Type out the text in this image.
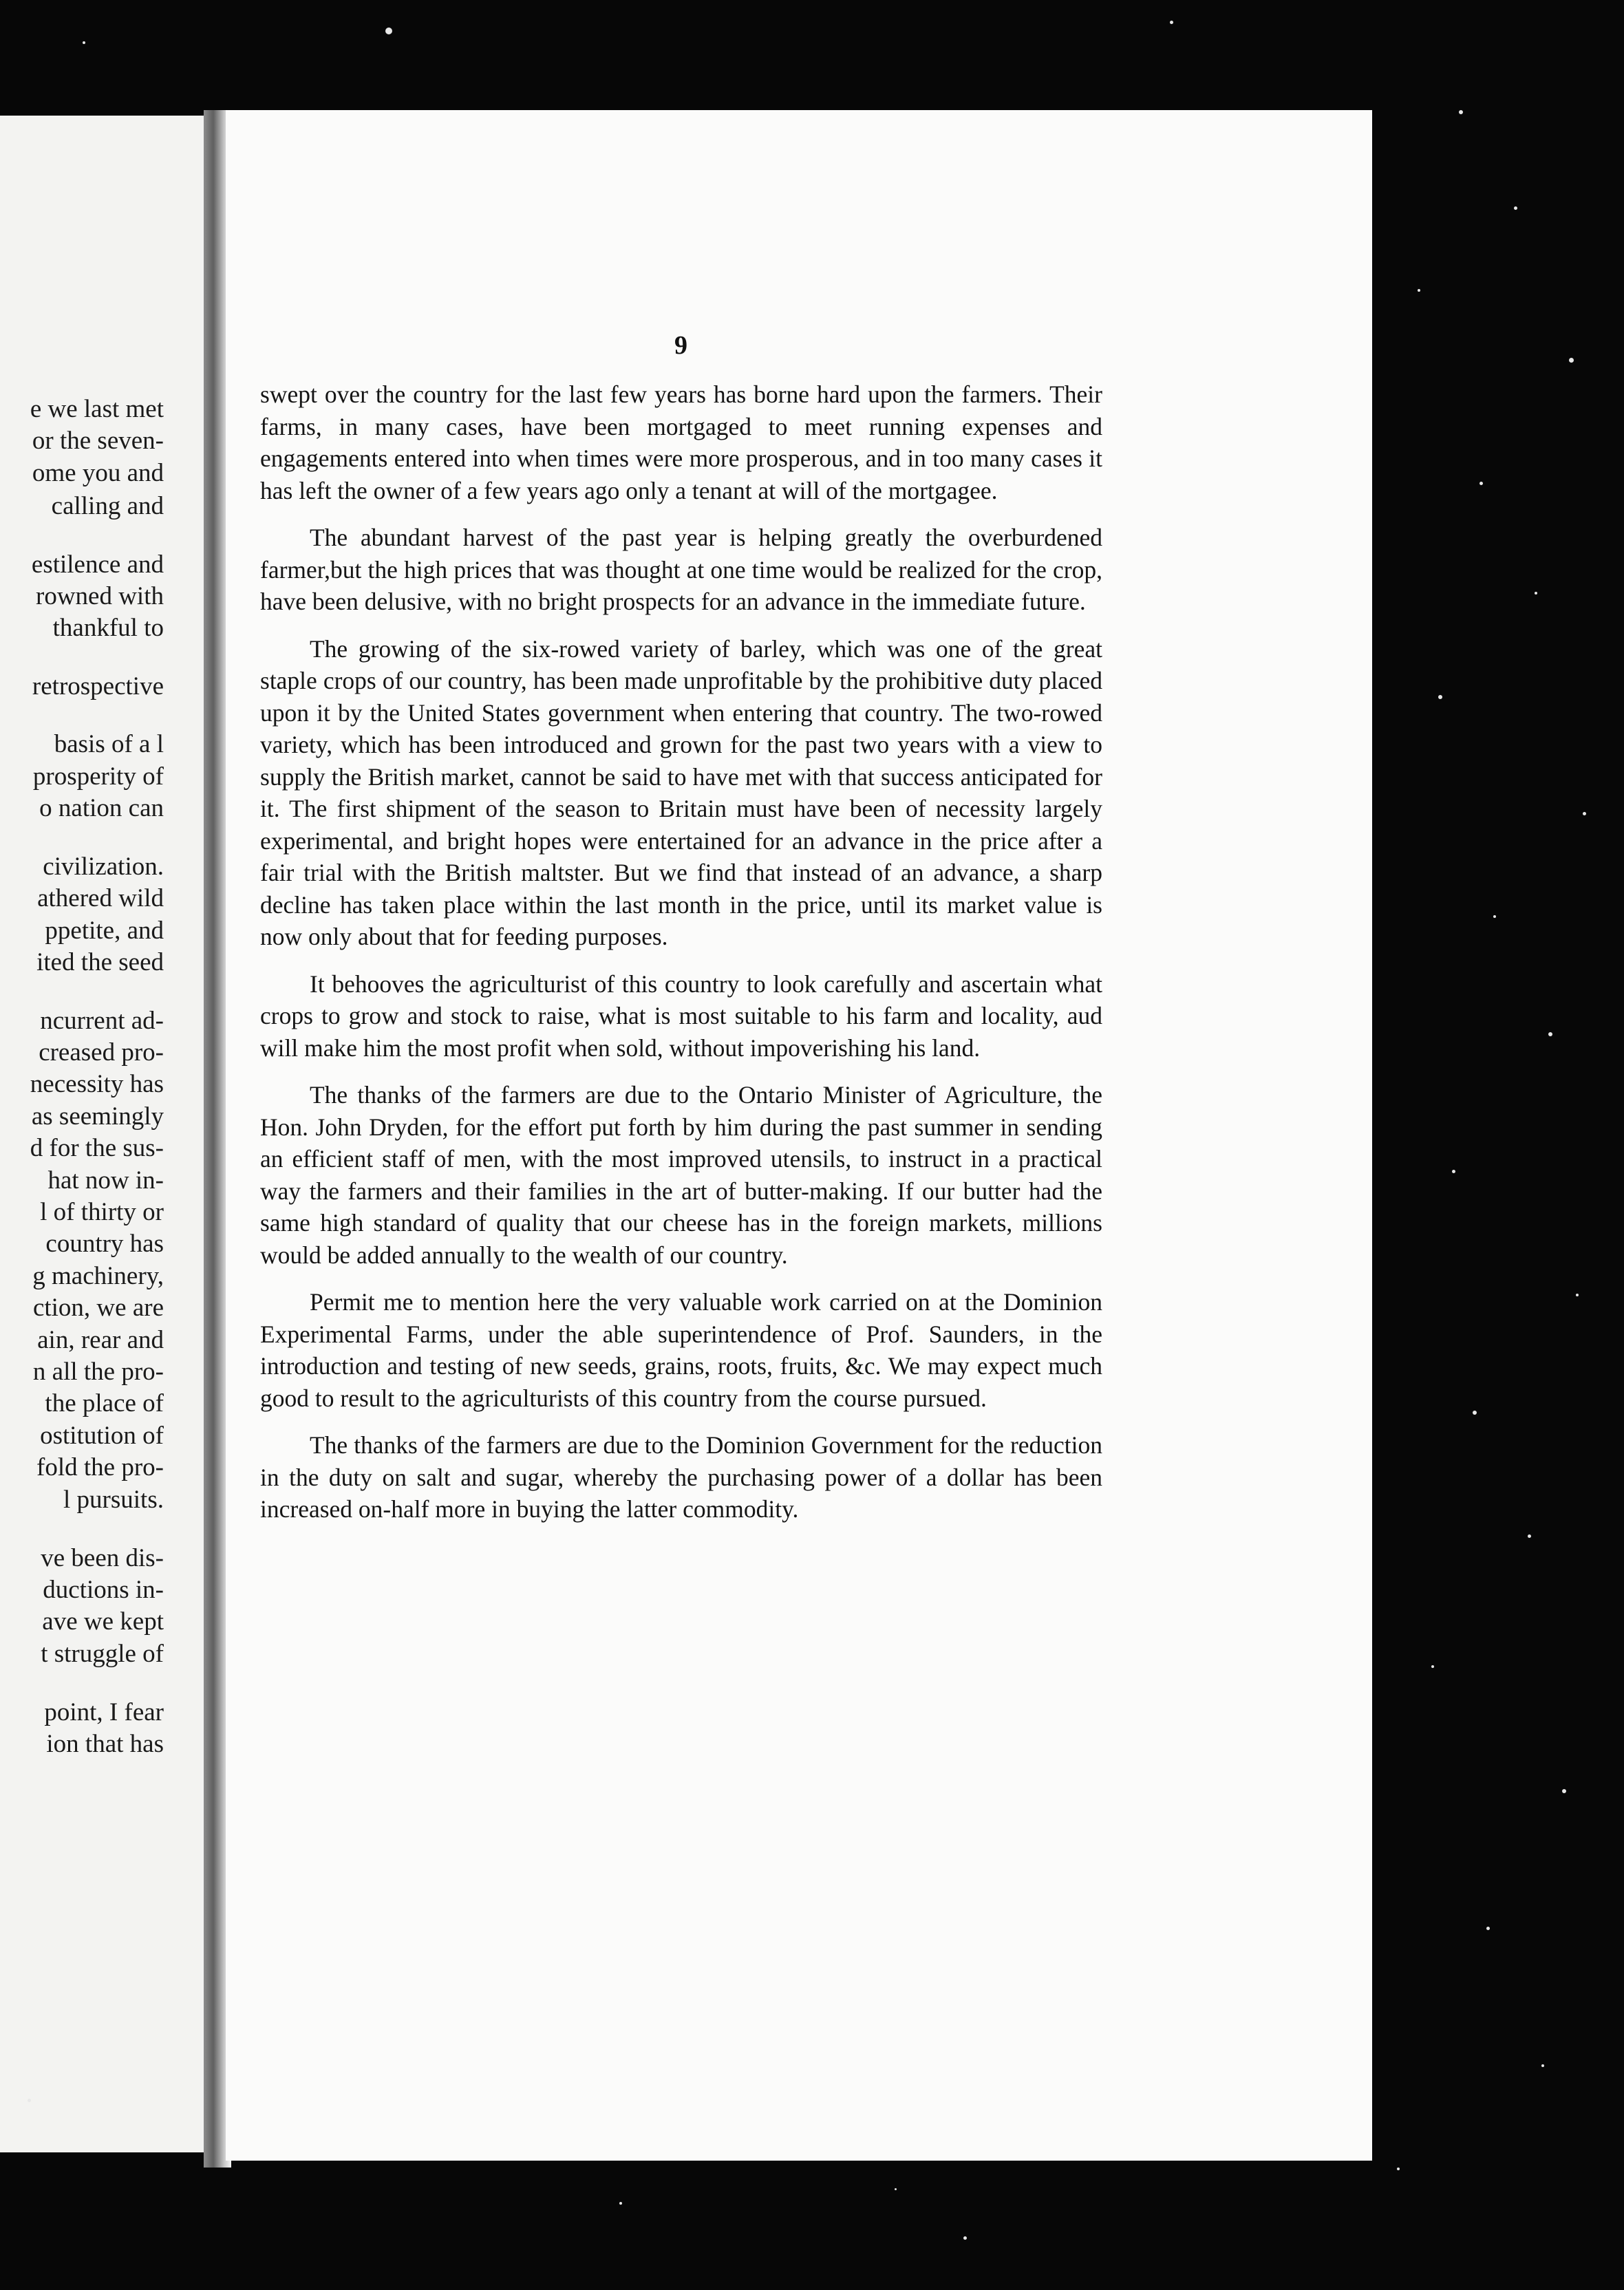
e we last met
or the seven-
ome you and
calling and
estilence and
rowned with
thankful to
retrospective
basis of a l
prosperity of
o nation can
civilization.
athered wild
ppetite, and
ited the seed
ncurrent ad-
creased pro-
necessity has
as seemingly
d for the sus-
hat now in-
l of thirty or
country has
g machinery,
ction, we are
ain, rear and
n all the pro-
the place of
ostitution of
fold the pro-
l pursuits.
ve been dis-
ductions in-
ave we kept
t struggle of
point, I fear
ion that has
9

swept over the country for the last few years has borne hard upon the farmers. Their farms, in many cases, have been mortgaged to meet running expenses and engagements entered into when times were more prosperous, and in too many cases it has left the owner of a few years ago only a tenant at will of the mortgagee.

The abundant harvest of the past year is helping greatly the overburdened farmer,but the high prices that was thought at one time would be realized for the crop, have been delusive, with no bright prospects for an advance in the immediate future.

The growing of the six-rowed variety of barley, which was one of the great staple crops of our country, has been made unprofitable by the prohibitive duty placed upon it by the United States government when entering that country. The two-rowed variety, which has been introduced and grown for the past two years with a view to supply the British market, cannot be said to have met with that success anticipated for it. The first shipment of the season to Britain must have been of necessity largely experimental, and bright hopes were entertained for an advance in the price after a fair trial with the British maltster. But we find that instead of an advance, a sharp decline has taken place within the last month in the price, until its market value is now only about that for feeding purposes.

It behooves the agriculturist of this country to look carefully and ascertain what crops to grow and stock to raise, what is most suitable to his farm and locality, aud will make him the most profit when sold, without impoverishing his land.

The thanks of the farmers are due to the Ontario Minister of Agriculture, the Hon. John Dryden, for the effort put forth by him during the past summer in sending an efficient staff of men, with the most improved utensils, to instruct in a practical way the farmers and their families in the art of butter-making. If our butter had the same high standard of quality that our cheese has in the foreign markets, millions would be added annually to the wealth of our country.

Permit me to mention here the very valuable work carried on at the Dominion Experimental Farms, under the able superintendence of Prof. Saunders, in the introduction and testing of new seeds, grains, roots, fruits, &c. We may expect much good to result to the agriculturists of this country from the course pursued.

The thanks of the farmers are due to the Dominion Government for the reduction in the duty on salt and sugar, whereby the purchasing power of a dollar has been increased on-half more in buying the latter commodity.
